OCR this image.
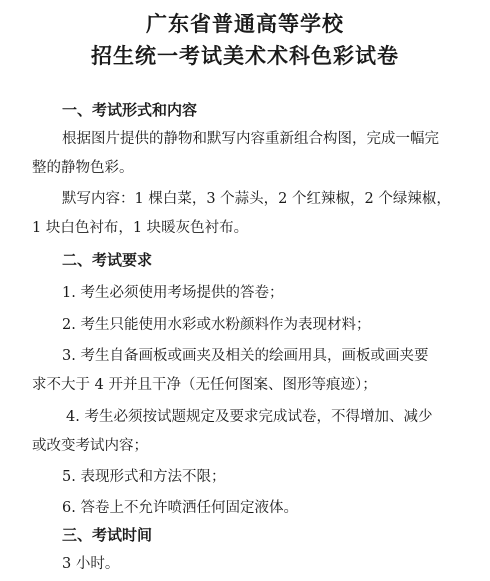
广东省普通高等学校
招生统一考试美术术科色彩试卷
一、考试形式和内容
根据图片提供的静物和默写内容重新组合构图，完成一幅完
整的静物色彩。
默写内容：1 棵白菜，3 个蒜头，2 个红辣椒，2 个绿辣椒，
1 块白色衬布，1 块暖灰色衬布。
二、考试要求
1. 考生必须使用考场提供的答卷；
2. 考生只能使用水彩或水粉颜料作为表现材料；
3. 考生自备画板或画夹及相关的绘画用具，画板或画夹要
求不大于 4 开并且干净（无任何图案、图形等痕迹）；
4. 考生必须按试题规定及要求完成试卷，不得增加、减少
或改变考试内容；
5. 表现形式和方法不限；
6. 答卷上不允许喷洒任何固定液体。
三、考试时间
3 小时。
